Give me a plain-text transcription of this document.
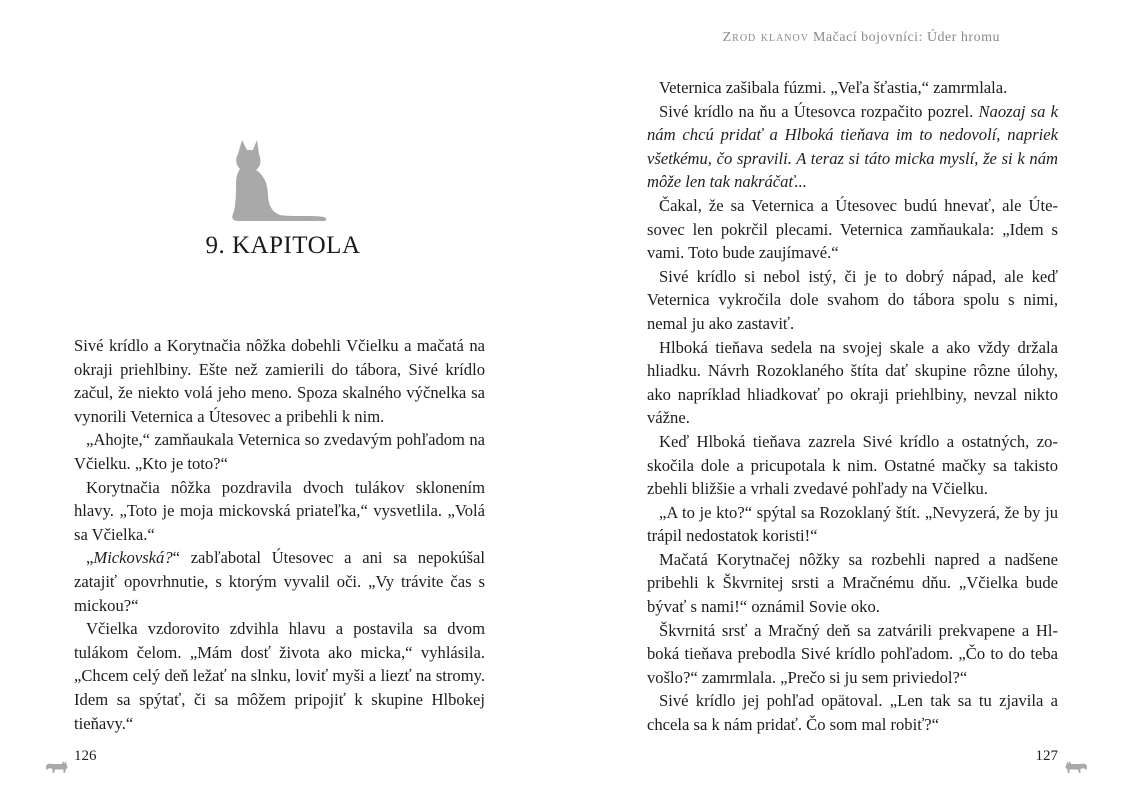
9. KAPITOLA

Sivé krídlo a Korytnačia nôžka dobehli Včielku a mačatá na okraji priehlbiny. Ešte než zamierili do tábora, Sivé krídlo začul, že niekto volá jeho meno. Spoza skalného výčnelka sa vynorili Veternica a Útesovec a pribehli k nim.

„Ahojte,“ zamňaukala Veternica so zvedavým pohľadom na Včielku. „Kto je toto?“

Korytnačia nôžka pozdravila dvoch tulákov sklonením hlavy. „Toto je moja mickovská priateľka,“ vysvetlila. „Volá sa Včielka.“

„Mickovská?“ zabľabotal Útesovec a ani sa nepokúšal zatajiť opovrhnutie, s ktorým vyvalil oči. „Vy trávite čas s mickou?“

Včielka vzdorovito zdvihla hlavu a postavila sa dvom tulákom čelom. „Mám dosť života ako micka,“ vyhlásila. „Chcem celý deň ležať na slnku, loviť myši a liezť na stromy. Idem sa spýtať, či sa môžem pripojiť k skupine Hlbokej tieňavy.“

126
Zrod klanov Mačací bojovníci: Úder hromu

Veternica zašibala fúzmi. „Veľa šťastia,“ zamrmlala.

Sivé krídlo na ňu a Útesovca rozpačito pozrel. Naozaj sa k nám chcú pridať a Hlboká tieňava im to nedovolí, napriek všetkému, čo spravili. A teraz si táto micka myslí, že si k nám môže len tak nakráčať...

Čakal, že sa Veternica a Útesovec budú hnevať, ale Útesovec len pokrčil plecami. Veternica zamňaukala: „Idem s vami. Toto bude zaujímavé.“

Sivé krídlo si nebol istý, či je to dobrý nápad, ale keď Veternica vykročila dole svahom do tábora spolu s nimi, nemal ju ako zastaviť.

Hlboká tieňava sedela na svojej skale a ako vždy držala hliadku. Návrh Rozoklaného štíta dať skupine rôzne úlohy, ako napríklad hliadkovať po okraji priehlbiny, nevzal nikto vážne.

Keď Hlboká tieňava zazrela Sivé krídlo a ostatných, zoskočila dole a pricupotala k nim. Ostatné mačky sa takisto zbehli bližšie a vrhali zvedavé pohľady na Včielku.

„A to je kto?“ spýtal sa Rozoklaný štít. „Nevyzerá, že by ju trápil nedostatok koristi!“

Mačatá Korytnačej nôžky sa rozbehli napred a nadšene pribehli k Škvrnitej srsti a Mračnému dňu. „Včielka bude bývať s nami!“ oznámil Sovie oko.

Škvrnitá srsť a Mračný deň sa zatvárili prekvapene a Hlboká tieňava prebodla Sivé krídlo pohľadom. „Čo to do teba vošlo?“ zamrmlala. „Prečo si ju sem priviedol?“

Sivé krídlo jej pohľad opätoval. „Len tak sa tu zjavila a chcela sa k nám pridať. Čo som mal robiť?“

127
